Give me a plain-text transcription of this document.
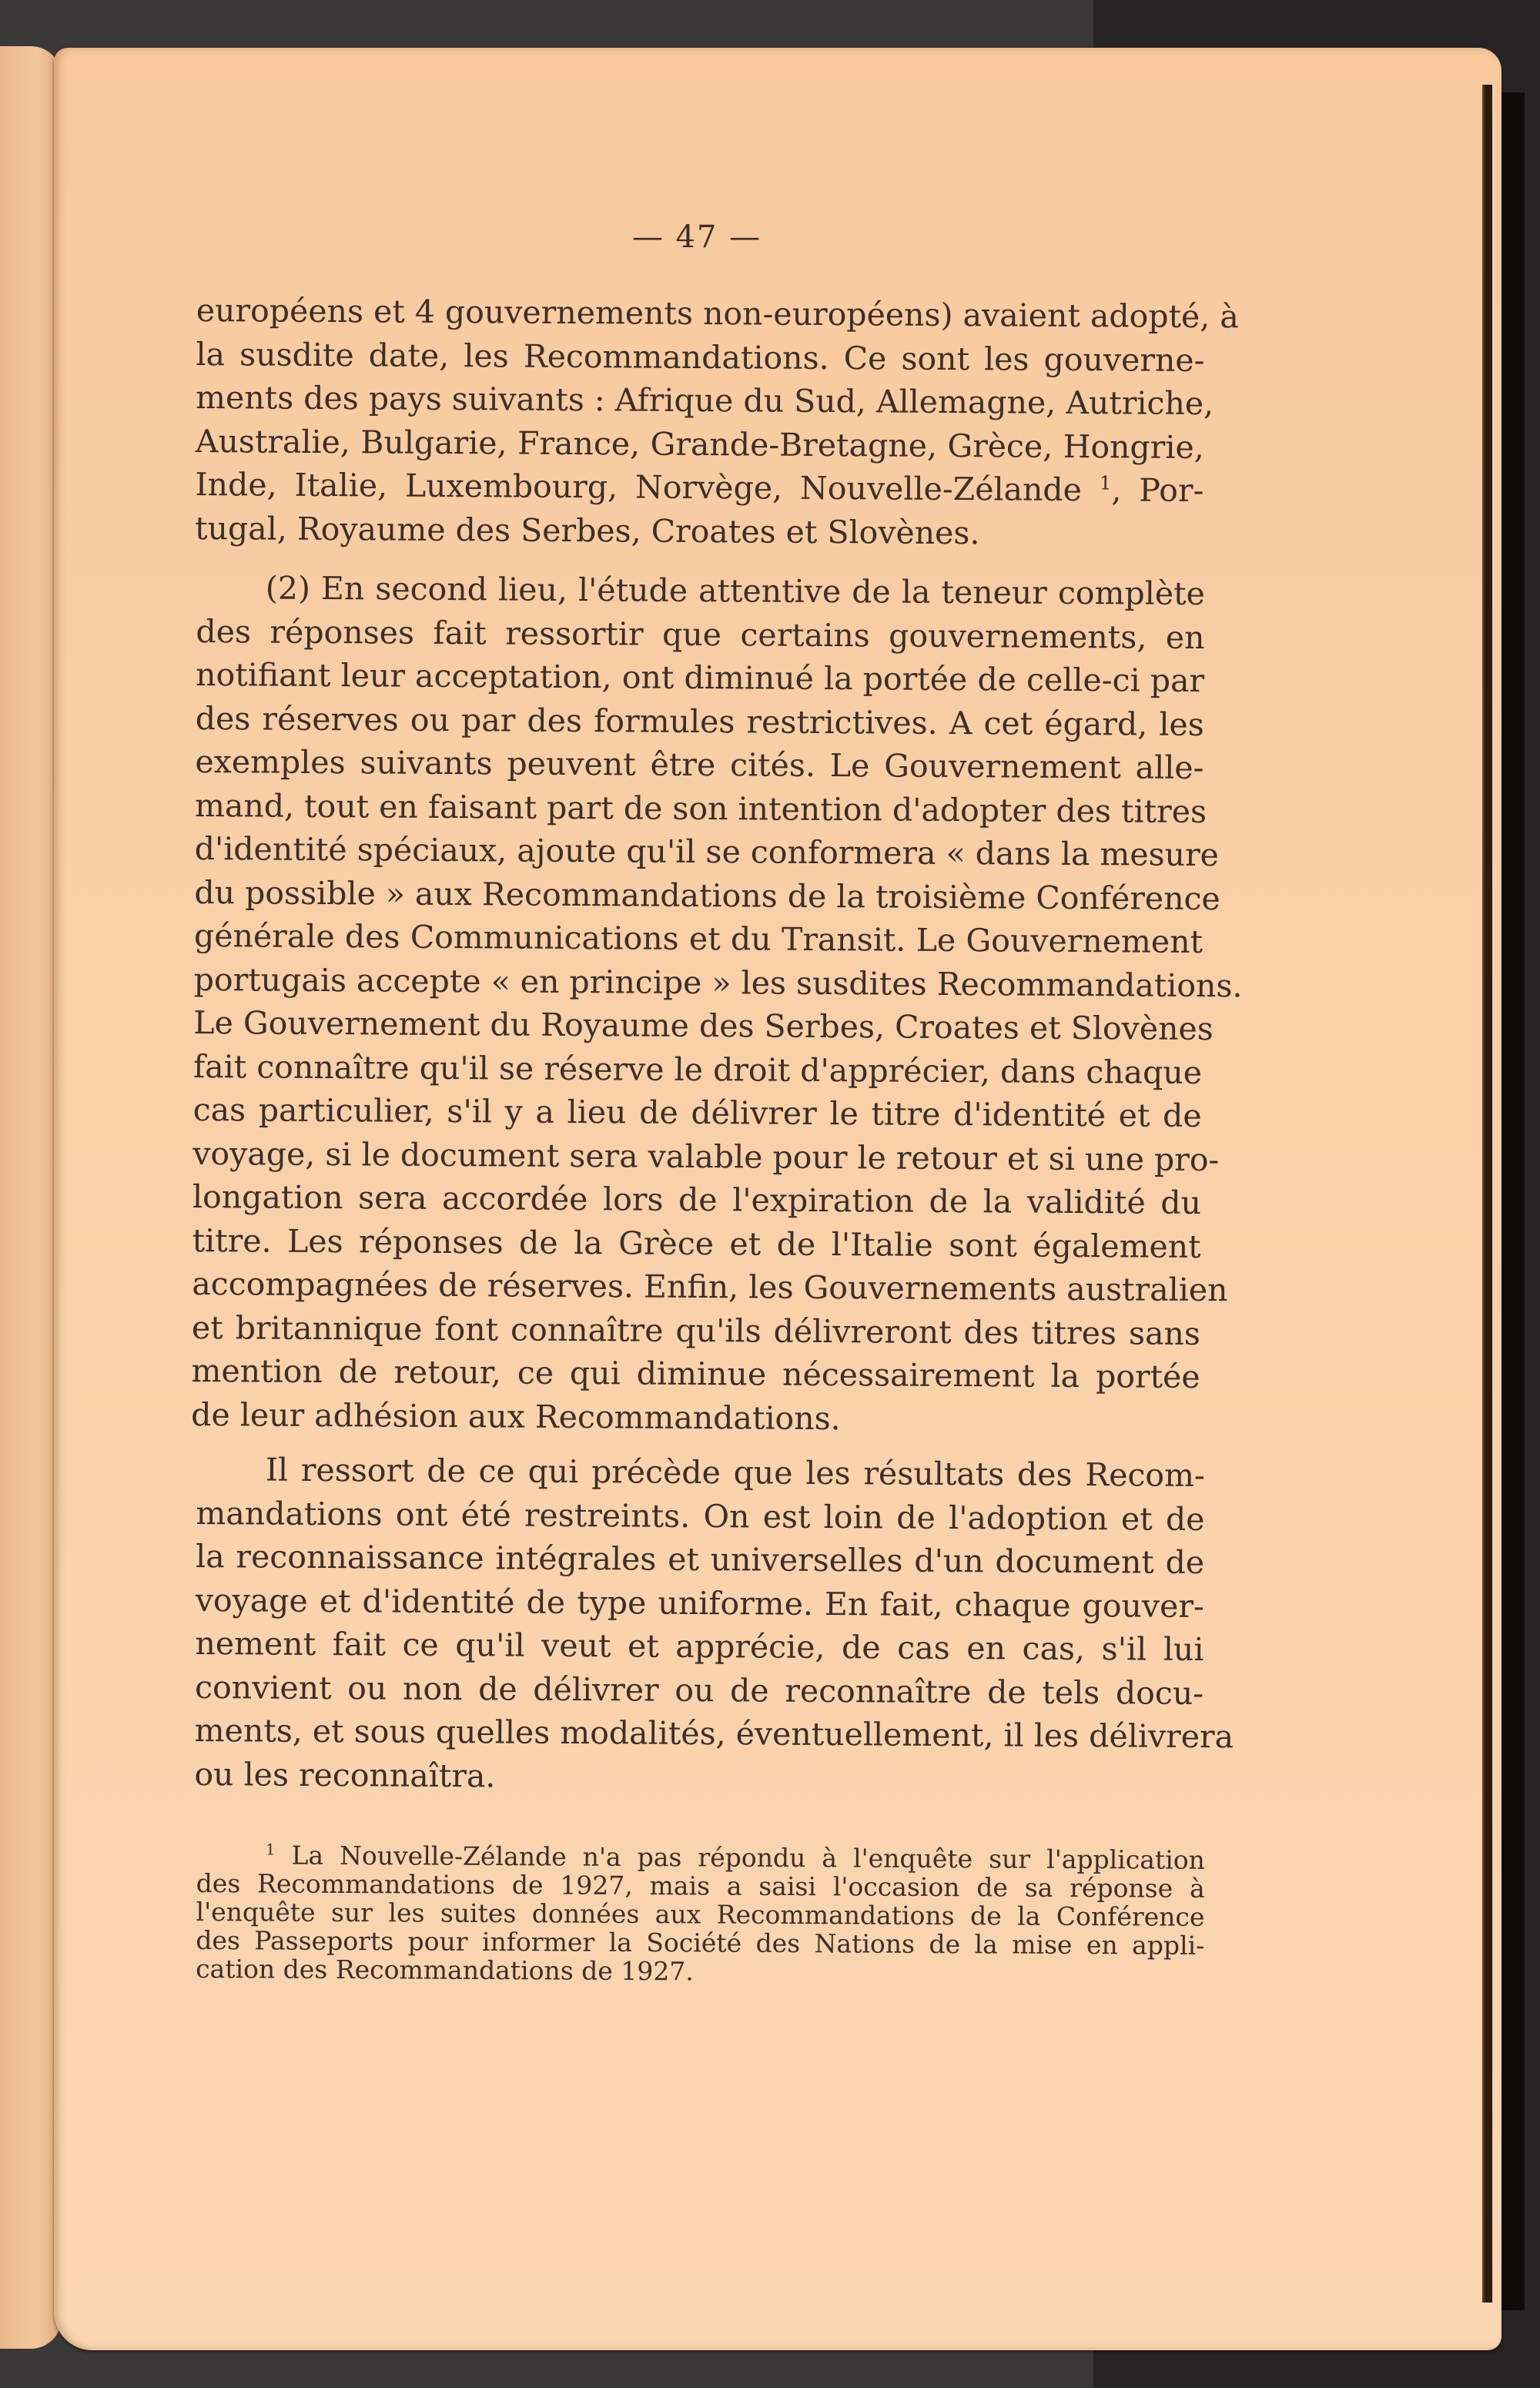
— 47 —
européens et 4 gouvernements non-européens) avaient adopté, à
la susdite date, les Recommandations. Ce sont les gouverne-
ments des pays suivants : Afrique du Sud, Allemagne, Autriche,
Australie, Bulgarie, France, Grande-Bretagne, Grèce, Hongrie,
Inde, Italie, Luxembourg, Norvège, Nouvelle-Zélande $^1$, Por-
tugal, Royaume des Serbes, Croates et Slovènes.
(2) En second lieu, l'étude attentive de la teneur complète
des réponses fait ressortir que certains gouvernements, en
notifiant leur acceptation, ont diminué la portée de celle-ci par
des réserves ou par des formules restrictives. A cet égard, les
exemples suivants peuvent être cités. Le Gouvernement alle-
mand, tout en faisant part de son intention d'adopter des titres
d'identité spéciaux, ajoute qu'il se conformera « dans la mesure
du possible » aux Recommandations de la troisième Conférence
générale des Communications et du Transit. Le Gouvernement
portugais accepte « en principe » les susdites Recommandations.
Le Gouvernement du Royaume des Serbes, Croates et Slovènes
fait connaître qu'il se réserve le droit d'apprécier, dans chaque
cas particulier, s'il y a lieu de délivrer le titre d'identité et de
voyage, si le document sera valable pour le retour et si une pro-
longation sera accordée lors de l'expiration de la validité du
titre. Les réponses de la Grèce et de l'Italie sont également
accompagnées de réserves. Enfin, les Gouvernements australien
et britannique font connaître qu'ils délivreront des titres sans
mention de retour, ce qui diminue nécessairement la portée
de leur adhésion aux Recommandations.
Il ressort de ce qui précède que les résultats des Recom-
mandations ont été restreints. On est loin de l'adoption et de
la reconnaissance intégrales et universelles d'un document de
voyage et d'identité de type uniforme. En fait, chaque gouver-
nement fait ce qu'il veut et apprécie, de cas en cas, s'il lui
convient ou non de délivrer ou de reconnaître de tels docu-
ments, et sous quelles modalités, éventuellement, il les délivrera
ou les reconnaîtra.
$^1$ La Nouvelle-Zélande n'a pas répondu à l'enquête sur l'application
des Recommandations de 1927, mais a saisi l'occasion de sa réponse à
l'enquête sur les suites données aux Recommandations de la Conférence
des Passeports pour informer la Société des Nations de la mise en appli-
cation des Recommandations de 1927.
